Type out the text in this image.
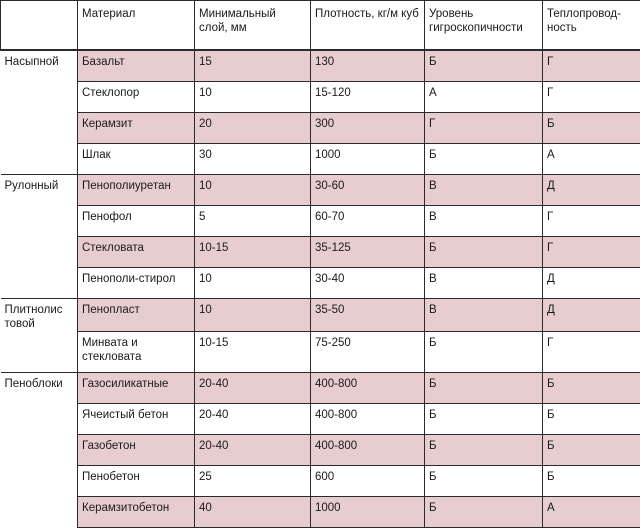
	Материал	Минимальный слой, мм	Плотность, кг/м куб	Уровень гигроскопичности	Теплопровод-ность
Насыпной	Базальт	15	130	Б	Г
	Стеклопор	10	15-120	А	Г
	Керамзит	20	300	Г	Б
	Шлак	30	1000	Б	А
Рулонный	Пенополиуретан	10	30-60	В	Д
	Пенофол	5	60-70	В	Г
	Стекловата	10-15	35-125	Б	Г
	Пенополи-стирол	10	30-40	В	Д
Плитнолис товой	Пенопласт	10	35-50	В	Д
	Минвата и стекловата	10-15	75-250	Б	Г
Пеноблоки	Газосиликатные	20-40	400-800	Б	Б
	Ячеистый бетон	20-40	400-800	Б	Б
	Газобетон	20-40	400-800	Б	Б
	Пенобетон	25	600	Б	Б
	Керамзитобетон	40	1000	Б	А
